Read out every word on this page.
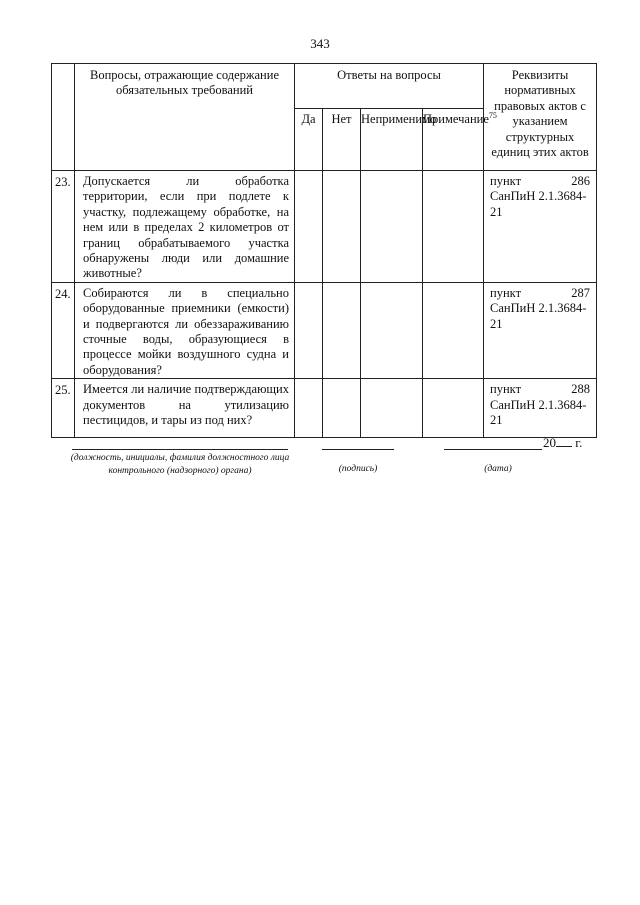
343
	Вопросы, отражающие содержание обязательных требований	Ответы на вопросы				Реквизиты нормативных правовых актов с указанием структурных единиц этих актов
		Да	Нет	Неприменимо	Примечание$^{75}$
23.	Допускается ли обработка территории, если при подлете к участку, подлежащему обработке, на нем или в пределах 2 километров от границ обрабатываемого участка обнаружены люди или домашние животные?					пункт 286
СанПиН 2.1.3684-21

24.	Собираются ли в специально оборудованные приемники (емкости) и подвергаются ли обеззараживанию сточные воды, образующиеся в процессе мойки воздушного судна и оборудования?					пункт 287
СанПиН 2.1.3684-21

25.	Имеется ли наличие подтверждающих документов на утилизацию пестицидов, и тары из под них?					пункт 288
СанПиН 2.1.3684-21
(должность, инициалы, фамилия должностного лица контрольного (надзорного) органа)	(подпись)
20 г.
(дата)
